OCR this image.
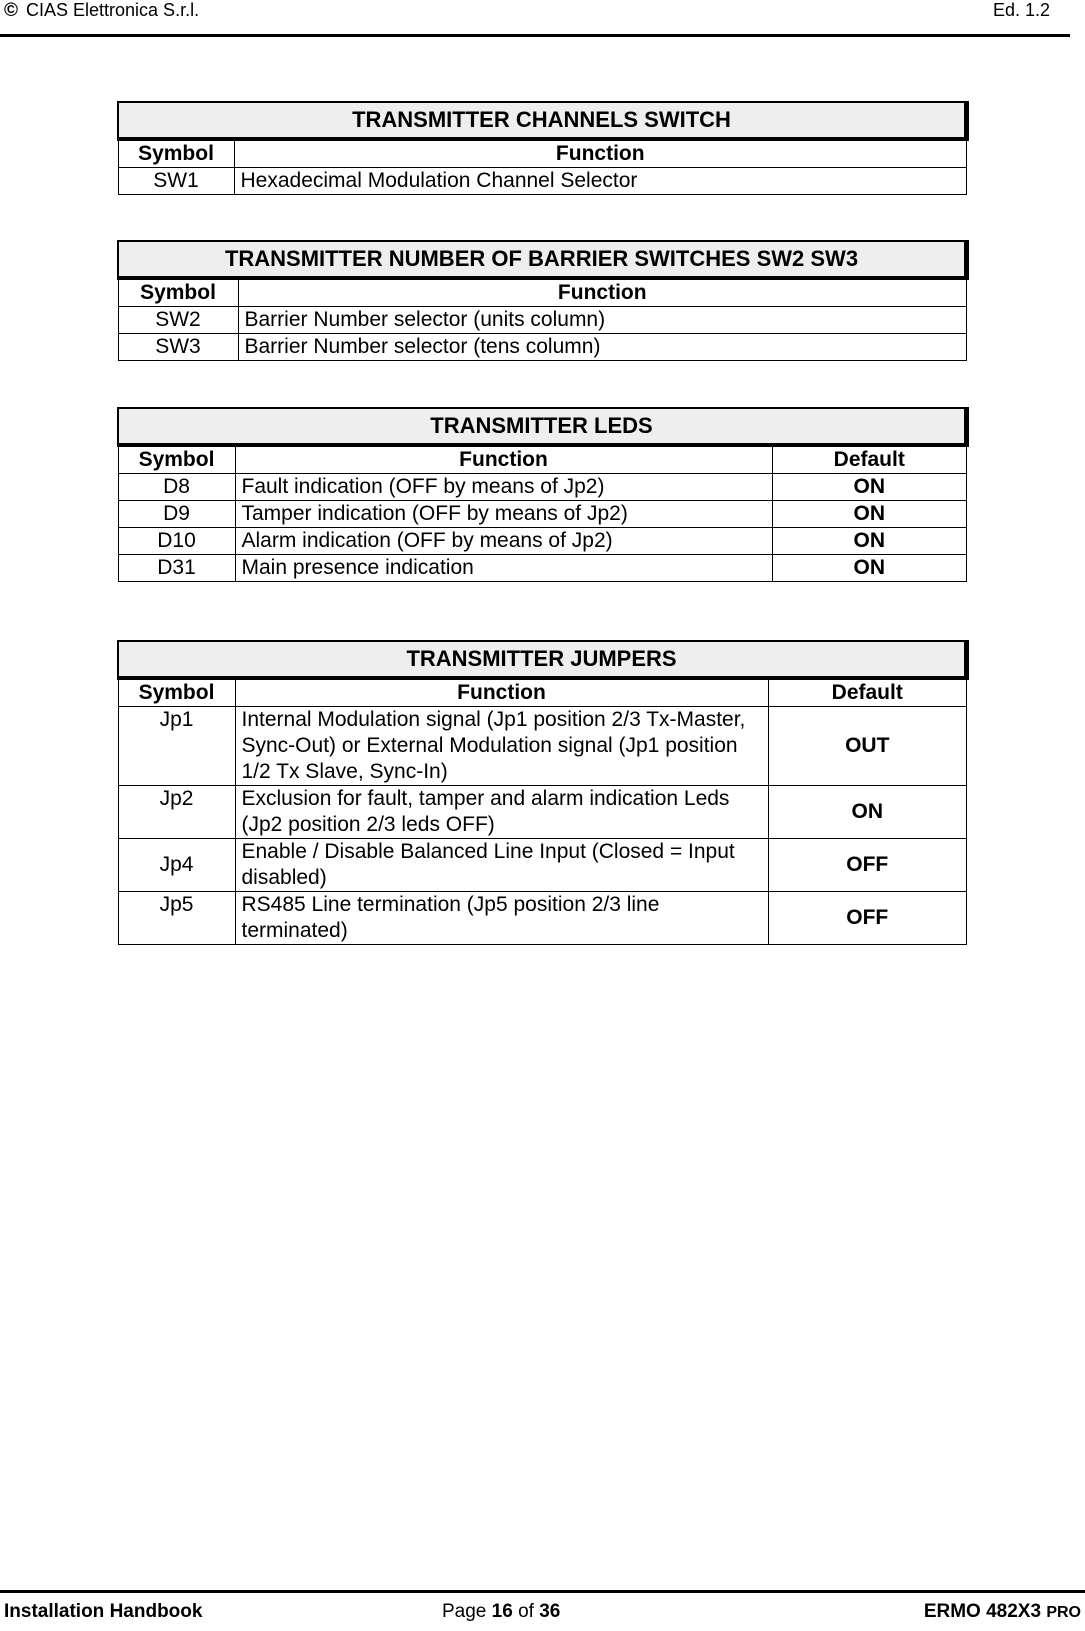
© CIAS Elettronica S.r.l.	Ed. 1.2
TRANSMITTER CHANNELS SWITCH	
Symbol	Function
SW1	Hexadecimal Modulation Channel Selector
TRANSMITTER NUMBER OF BARRIER SWITCHES SW2 SW3	
Symbol	Function
SW2	Barrier Number selector (units column)
SW3	Barrier Number selector (tens column)
TRANSMITTER LEDS		
Symbol	Function	Default
D8	Fault indication (OFF by means of Jp2)	ON
D9	Tamper indication (OFF by means of Jp2)	ON
D10	Alarm indication (OFF by means of Jp2)	ON
D31	Main presence indication	ON
TRANSMITTER JUMPERS		
Symbol	Function	Default
Jp1	Internal Modulation signal (Jp1 position 2/3 Tx-Master, Sync-Out) or External Modulation signal (Jp1 position 1/2 Tx Slave, Sync-In)	OUT
Jp2	Exclusion for fault, tamper and alarm indication Leds (Jp2 position 2/3 leds OFF)	ON
Jp4	Enable / Disable Balanced Line Input (Closed = Input disabled)	OFF
Jp5	RS485 Line termination (Jp5 position 2/3 line terminated)	OFF
Installation Handbook	Page 16 of 36	ERMO 482X3 PRO
